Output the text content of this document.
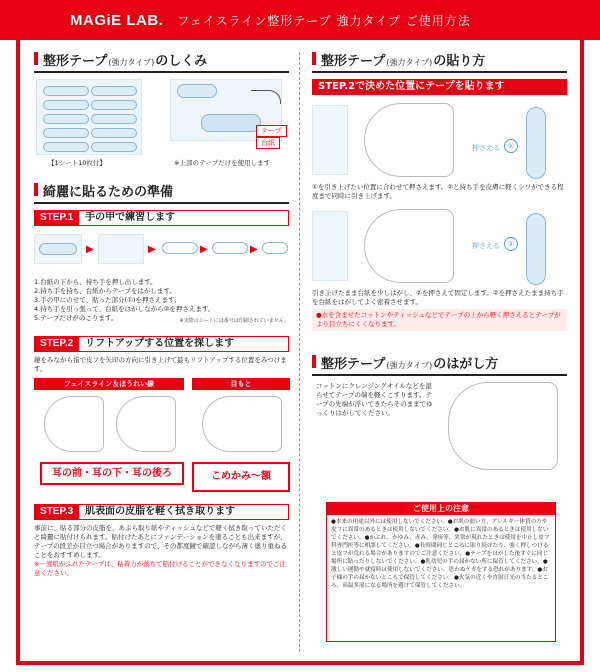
MAGiE LAB. フェイスライン整形テープ 強力タイプ ご使用方法
整形テープ (強力タイプ) のしくみ
【1シート10枚付】
テープ
台紙
※上部のテープだけを使用します
綺麗に貼るための準備
STEP.1	手の甲で練習します
▶	▶	▶	▶
1.台紙の下から、持ち手を押し出します。
2.持ち手を持ち、台紙からテープをはがします。
3.手の甲にのせて、貼った部分(①)を押さえます。
4.持ち手を引っ張って、台紙をはがしながら②を押さえます。
5.テープだけがのこります。	※実際のシートには番号は印刷されていません。
STEP.2	リフトアップする位置を探します
鏡をみながら指で皮フを矢印の方向に引き上げて最もリフトアップする位置をみつけます。
フェイスライン＆ほうれい線	目もと
耳の前・耳の下・耳の後ろ	こめかみ～額
STEP.3	肌表面の皮脂を軽く拭き取ります
事前に、貼る部分の皮脂を、あぶら取り紙やティッシュなどで軽く拭き取っていただくと綺麗に貼付けられます。貼付けたあとにファンデーションを塗ることも出来ますが、テープの段差が目立つ場合がありますので、その都度鏡で確認しながら薄く塗り重ねることをおすすめします。
※一度肌がふれたテープは、粘着力が落ちて貼付けることができなくなりますのでご注意ください。
整形テープ (強力タイプ) の貼り方
STEP.2で決めた位置にテープを貼ります
押さえる	①
①を引き上げたい位置に合わせて押さえます。②と持ち手を皮膚に軽くシワができる程度まで同時に引き上げます。
押さえる	②
引き上げたまま台紙を少しはがし、②を押さえて固定します。②を押さえたまま持ち手を台紙をはがしてよく密着させます。
●水を含ませたコットンやティッシュなどでテープの上から軽く押さえるとテープがより目立ちにくくなります。
整形テープ (強力タイプ) のはがし方
コットンにクレンジングオイルなどを湿らせてテープの端を軽くこすります。テープの先端が浮いてきたらそのままでゆっくりはがしてください。
ご使用上の注意
●本来の用途以外には使用しないでください。●お肌の弱い方、アレルギー体質の方や皮フに異常のあるときは使用しないでください。●お肌に異常のあるときは使用しないでください。●かぶれ、かゆみ、赤み、発疹等、異常が現れたときは使用を中止し皮フ科専門医等に相談してください。●長時間同じところに貼り続けたり、強く押しつけると皮フが荒れる場合がありますのでご注意ください。●テープをはがした後すぐに同じ場所に貼ったりしないでください。●乳幼児の手の届かない所に保管してください。●激しい運動や就寝時は使用しないでください。思わぬケガをする恐れがあります。●お子様の手の届かないところで保管してください。●火気の近くや直射日光の当たるところ、高温多湿になる場所を避けて保管してください。
